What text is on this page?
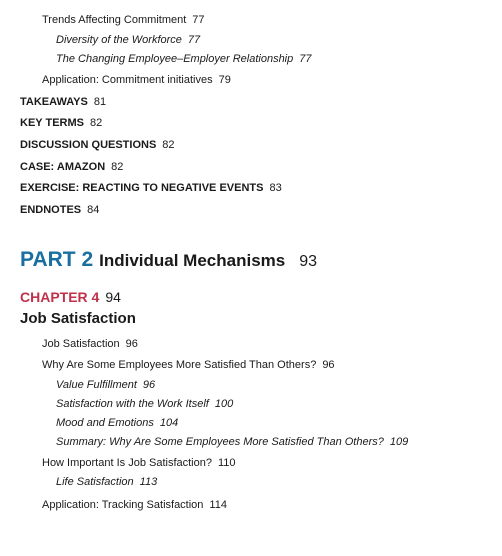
Trends Affecting Commitment 77
Diversity of the Workforce 77
The Changing Employee–Employer Relationship 77
Application: Commitment initiatives 79
TAKEAWAYS 81
KEY TERMS 82
DISCUSSION QUESTIONS 82
CASE: AMAZON 82
EXERCISE: REACTING TO NEGATIVE EVENTS 83
ENDNOTES 84
PART 2 Individual Mechanisms 93
CHAPTER 4 94
Job Satisfaction
Job Satisfaction 96
Why Are Some Employees More Satisfied Than Others? 96
Value Fulfillment 96
Satisfaction with the Work Itself 100
Mood and Emotions 104
Summary: Why Are Some Employees More Satisfied Than Others? 109
How Important Is Job Satisfaction? 110
Life Satisfaction 113
Application: Tracking Satisfaction 114
